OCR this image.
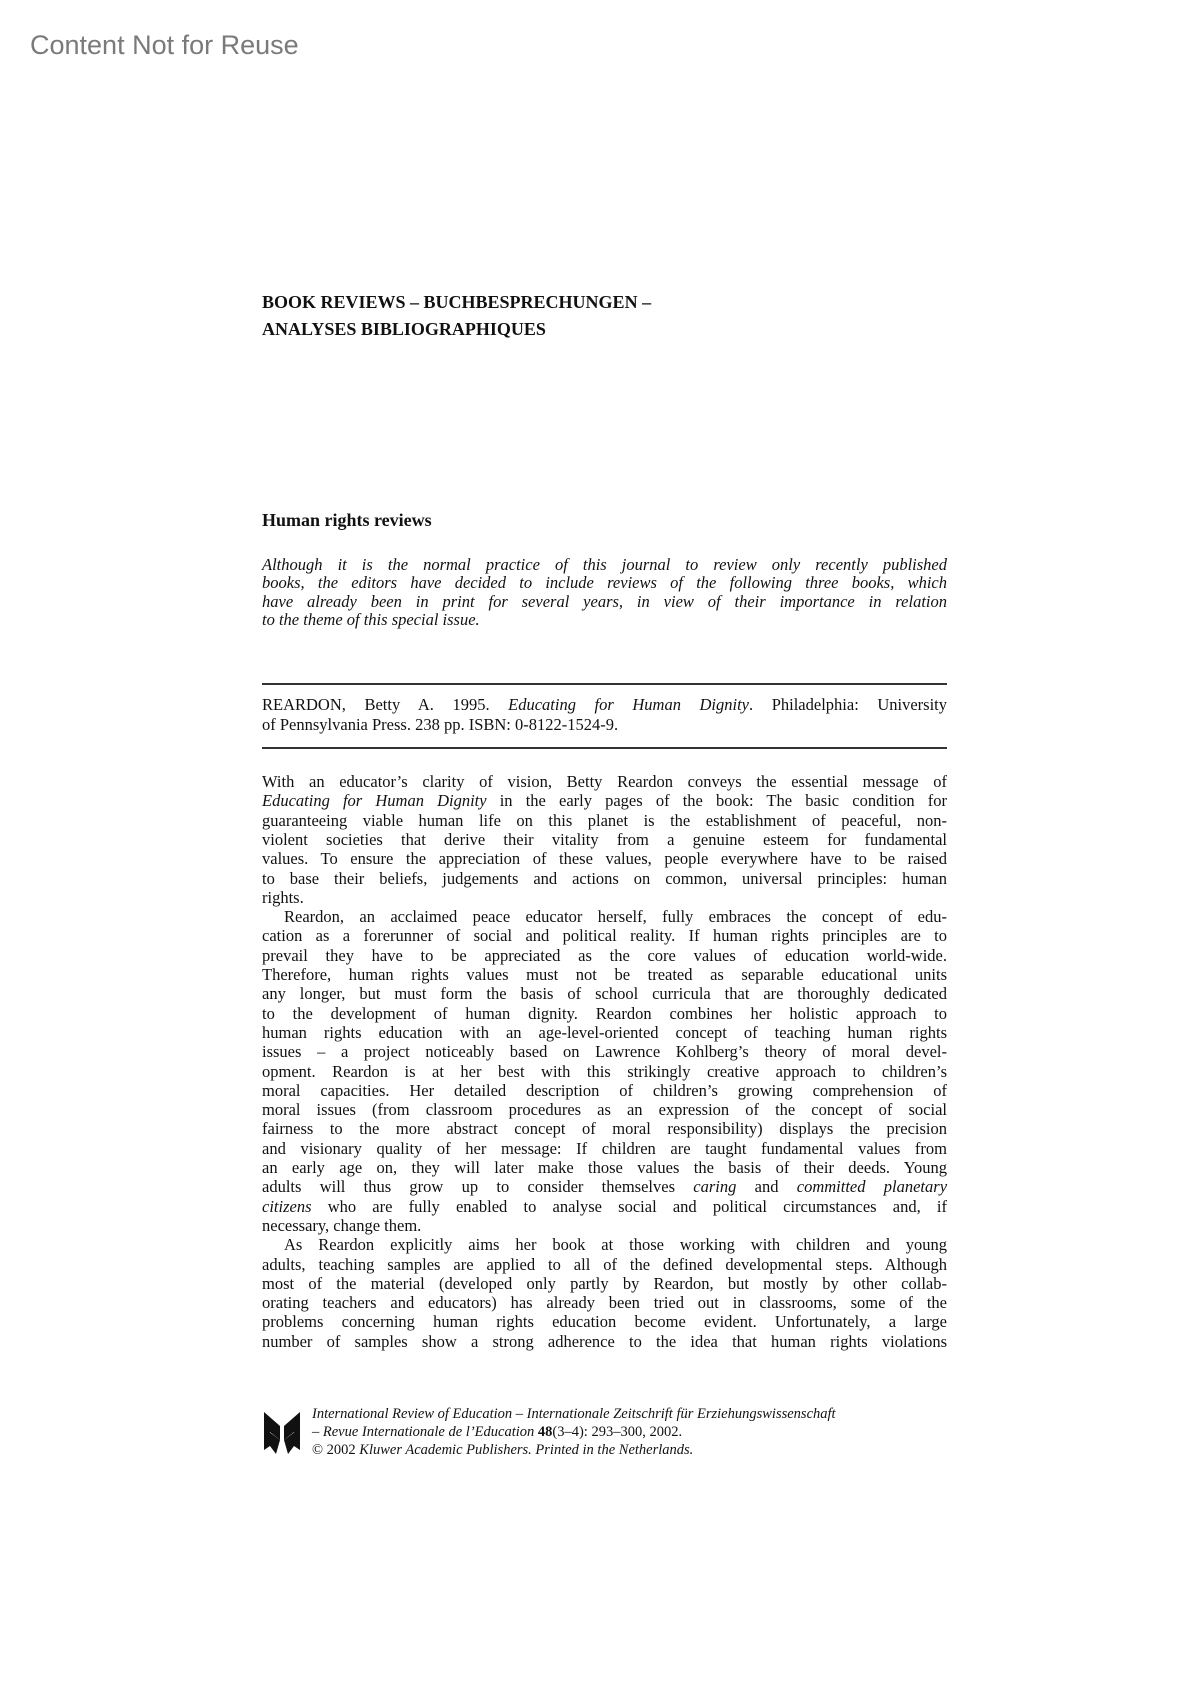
Content Not for Reuse
BOOK REVIEWS – BUCHBESPRECHUNGEN –
ANALYSES BIBLIOGRAPHIQUES
Human rights reviews
Although it is the normal practice of this journal to review only recently published
books, the editors have decided to include reviews of the following three books, which
have already been in print for several years, in view of their importance in relation
to the theme of this special issue.
REARDON, Betty A. 1995. Educating for Human Dignity. Philadelphia: University
of Pennsylvania Press. 238 pp. ISBN: 0-8122-1524-9.
With an educator’s clarity of vision, Betty Reardon conveys the essential message of
Educating for Human Dignity in the early pages of the book: The basic condition for
guaranteeing viable human life on this planet is the establishment of peaceful, non-
violent societies that derive their vitality from a genuine esteem for fundamental
values. To ensure the appreciation of these values, people everywhere have to be raised
to base their beliefs, judgements and actions on common, universal principles: human
rights.
Reardon, an acclaimed peace educator herself, fully embraces the concept of edu-
cation as a forerunner of social and political reality. If human rights principles are to
prevail they have to be appreciated as the core values of education world-wide.
Therefore, human rights values must not be treated as separable educational units
any longer, but must form the basis of school curricula that are thoroughly dedicated
to the development of human dignity. Reardon combines her holistic approach to
human rights education with an age-level-oriented concept of teaching human rights
issues – a project noticeably based on Lawrence Kohlberg’s theory of moral devel-
opment. Reardon is at her best with this strikingly creative approach to children’s
moral capacities. Her detailed description of children’s growing comprehension of
moral issues (from classroom procedures as an expression of the concept of social
fairness to the more abstract concept of moral responsibility) displays the precision
and visionary quality of her message: If children are taught fundamental values from
an early age on, they will later make those values the basis of their deeds. Young
adults will thus grow up to consider themselves caring and committed planetary
citizens who are fully enabled to analyse social and political circumstances and, if
necessary, change them.
As Reardon explicitly aims her book at those working with children and young
adults, teaching samples are applied to all of the defined developmental steps. Although
most of the material (developed only partly by Reardon, but mostly by other collab-
orating teachers and educators) has already been tried out in classrooms, some of the
problems concerning human rights education become evident. Unfortunately, a large
number of samples show a strong adherence to the idea that human rights violations
International Review of Education – Internationale Zeitschrift für Erziehungswissenschaft
– Revue Internationale de l’Education 48(3–4): 293–300, 2002.
© 2002 Kluwer Academic Publishers. Printed in the Netherlands.
